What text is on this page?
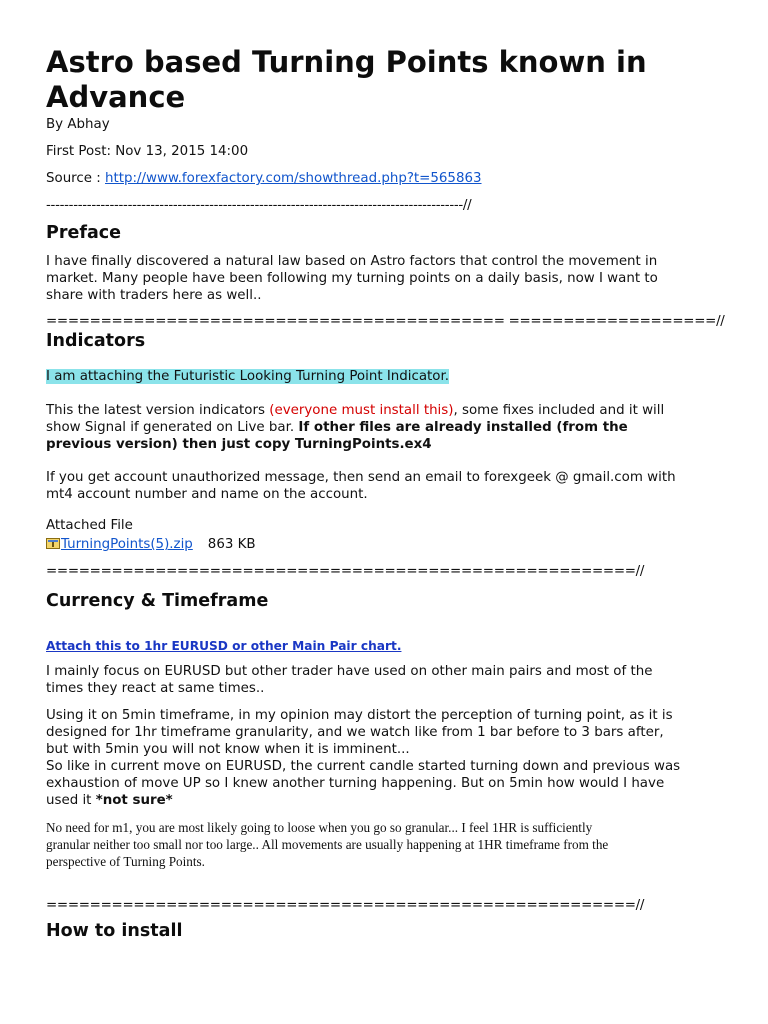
Astro based Turning Points known in
Advance
By Abhay
First Post: Nov 13, 2015 14:00
Source : http://www.forexfactory.com/showthread.php?t=565863
--------------------------------------------------------------------------------------------//
Preface
I have finally discovered a natural law based on Astro factors that control the movement in
market. Many people have been following my turning points on a daily basis, now I want to
share with traders here as well..
========================================== ===================//
Indicators
I am attaching the Futuristic Looking Turning Point Indicator.
This the latest version indicators (everyone must install this), some fixes included and it will
show Signal if generated on Live bar. If other files are already installed (from the
previous version) then just copy TurningPoints.ex4
If you get account unauthorized message, then send an email to forexgeek @ gmail.com with
mt4 account number and name on the account.
Attached File
TurningPoints(5).zip 863 KB
======================================================//
Currency & Timeframe
Attach this to 1hr EURUSD or other Main Pair chart.
I mainly focus on EURUSD but other trader have used on other main pairs and most of the
times they react at same times..
Using it on 5min timeframe, in my opinion may distort the perception of turning point, as it is
designed for 1hr timeframe granularity, and we watch like from 1 bar before to 3 bars after,
but with 5min you will not know when it is imminent...
So like in current move on EURUSD, the current candle started turning down and previous was
exhaustion of move UP so I knew another turning happening. But on 5min how would I have
used it *not sure*
No need for m1, you are most likely going to loose when you go so granular... I feel 1HR is sufficiently
granular neither too small nor too large.. All movements are usually happening at 1HR timeframe from the
perspective of Turning Points.
======================================================//
How to install
